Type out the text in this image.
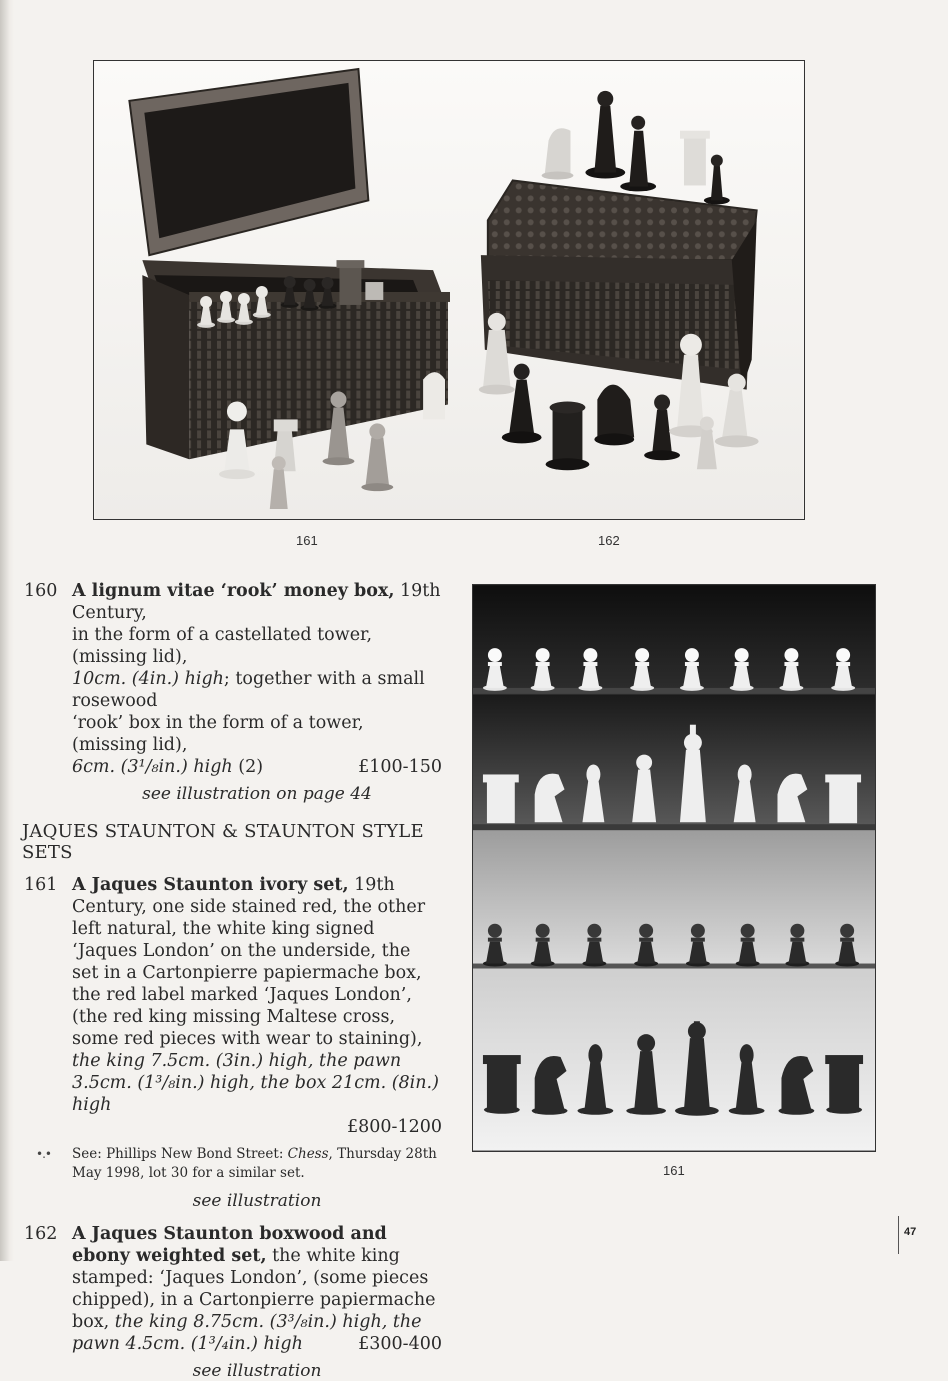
161	162
161
160 A lignum vitae ‘rook’ money box, 19th Century,
in the form of a castellated tower, (missing lid),
10cm. (4in.) high; together with a small rosewood
‘rook’ box in the form of a tower, (missing lid),
6cm. (3¹/₈in.) high (2)	£100-150
see illustration on page 44
JAQUES STAUNTON & STAUNTON STYLE SETS
161 A Jaques Staunton ivory set, 19th Century, one side stained red, the other left natural, the white king signed ‘Jaques London’ on the underside, the set in a Cartonpierre papiermache box, the red label marked ‘Jaques London’, (the red king missing Maltese cross, some red pieces with wear to staining), the king 7.5cm. (3in.) high, the pawn 3.5cm. (1³/₈in.) high, the box 21cm. (8in.) high
£800-1200
•.• See: Phillips New Bond Street: Chess, Thursday 28th May 1998, lot 30 for a similar set.
see illustration
162 A Jaques Staunton boxwood and ebony weighted set, the white king stamped: ‘Jaques London’, (some pieces chipped), in a Cartonpierre papiermache box, the king 8.75cm. (3³/₈in.) high, the pawn 4.5cm. (1³/₄in.) high	£300-400
see illustration
47
